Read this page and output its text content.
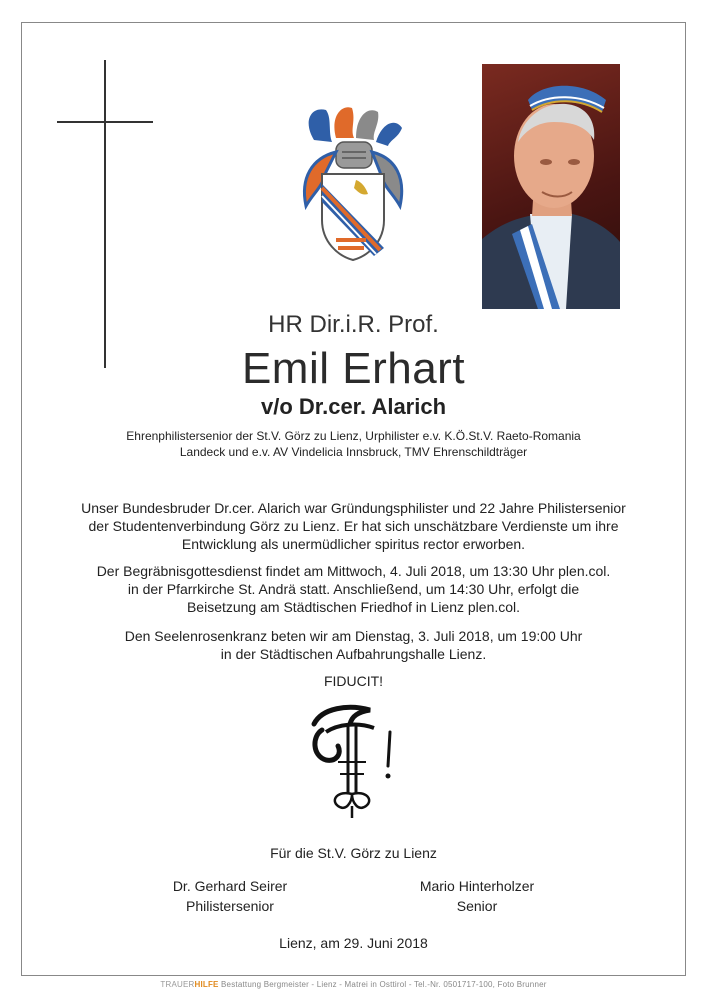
HR Dir.i.R. Prof.
Emil Erhart
v/o Dr.cer. Alarich
Ehrenphilistersenior der St.V. Görz zu Lienz, Urphilister e.v. K.Ö.St.V. Raeto-Romania
Landeck und e.v. AV Vindelicia Innsbruck, TMV Ehrenschildträger
Unser Bundesbruder Dr.cer. Alarich war Gründungsphilister und 22 Jahre Philistersenior
der Studentenverbindung Görz zu Lienz. Er hat sich unschätzbare Verdienste um ihre
Entwicklung als unermüdlicher spiritus rector erworben.
Der Begräbnisgottesdienst findet am Mittwoch, 4. Juli 2018, um 13:30 Uhr plen.col.
in der Pfarrkirche St. Andrä statt. Anschließend, um 14:30 Uhr, erfolgt die
Beisetzung am Städtischen Friedhof in Lienz plen.col.
Den Seelenrosenkranz beten wir am Dienstag, 3. Juli 2018, um 19:00 Uhr
in der Städtischen Aufbahrungshalle Lienz.
FIDUCIT!
Für die St.V. Görz zu Lienz
Dr. Gerhard Seirer
Philistersenior
Mario Hinterholzer
Senior
Lienz, am 29. Juni 2018
TRAUERHILFE Bestattung Bergmeister - Lienz - Matrei in Osttirol - Tel.-Nr. 0501717-100, Foto Brunner
